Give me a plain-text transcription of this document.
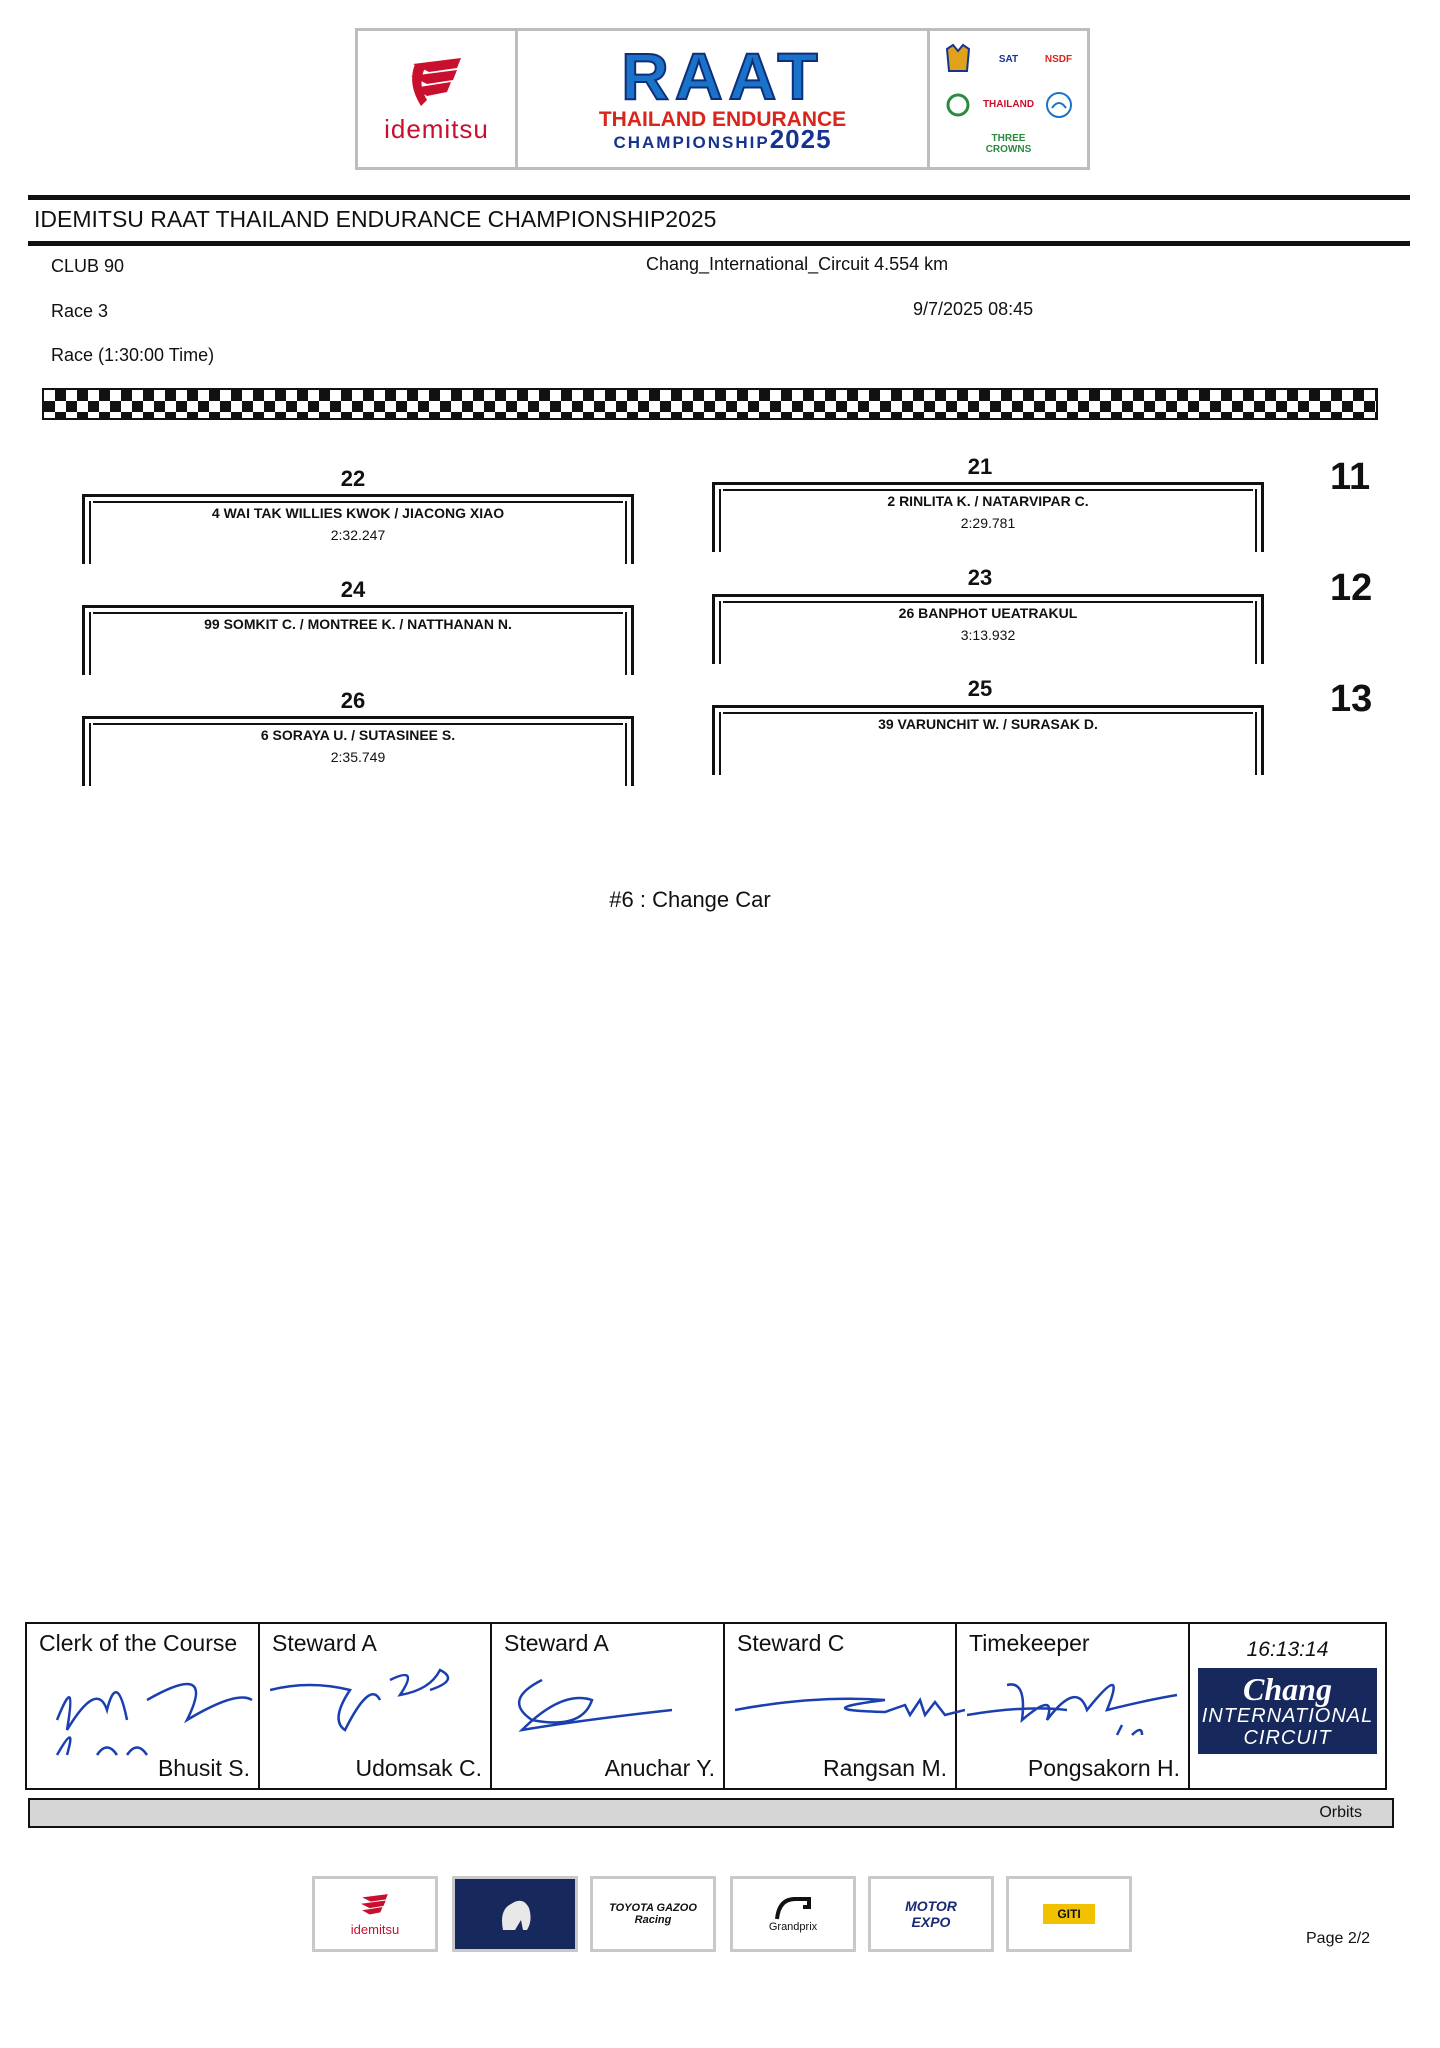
idemitsu
RAAT
THAILAND ENDURANCE
CHAMPIONSHIP2025
SAT	NSDF
THAILAND
THREE CROWNS
IDEMITSU RAAT THAILAND ENDURANCE CHAMPIONSHIP2025
CLUB 90	Chang_International_Circuit 4.554 km
Race 3	9/7/2025 08:45
Race (1:30:00 Time)
22
4 WAI TAK WILLIES KWOK / JIACONG XIAO
2:32.247
21
2 RINLITA K. / NATARVIPAR C.
2:29.781
11
24
99 SOMKIT C. / MONTREE K. / NATTHANAN N.
23
26 BANPHOT UEATRAKUL
3:13.932
12
26
6 SORAYA U. / SUTASINEE S.
2:35.749
25
39 VARUNCHIT W. / SURASAK D.
13
#6 : Change Car
Clerk of the Course
Bhusit S.
Steward A
Udomsak C.
Steward A
Anuchar Y.
Steward C
Rangsan M.
Timekeeper
Pongsakorn H.
16:13:14
Chang
INTERNATIONAL
CIRCUIT
Orbits
idemitsu
TOYOTA GAZOO Racing
Grandprix
MOTOR EXPO	GITI
Page 2/2
